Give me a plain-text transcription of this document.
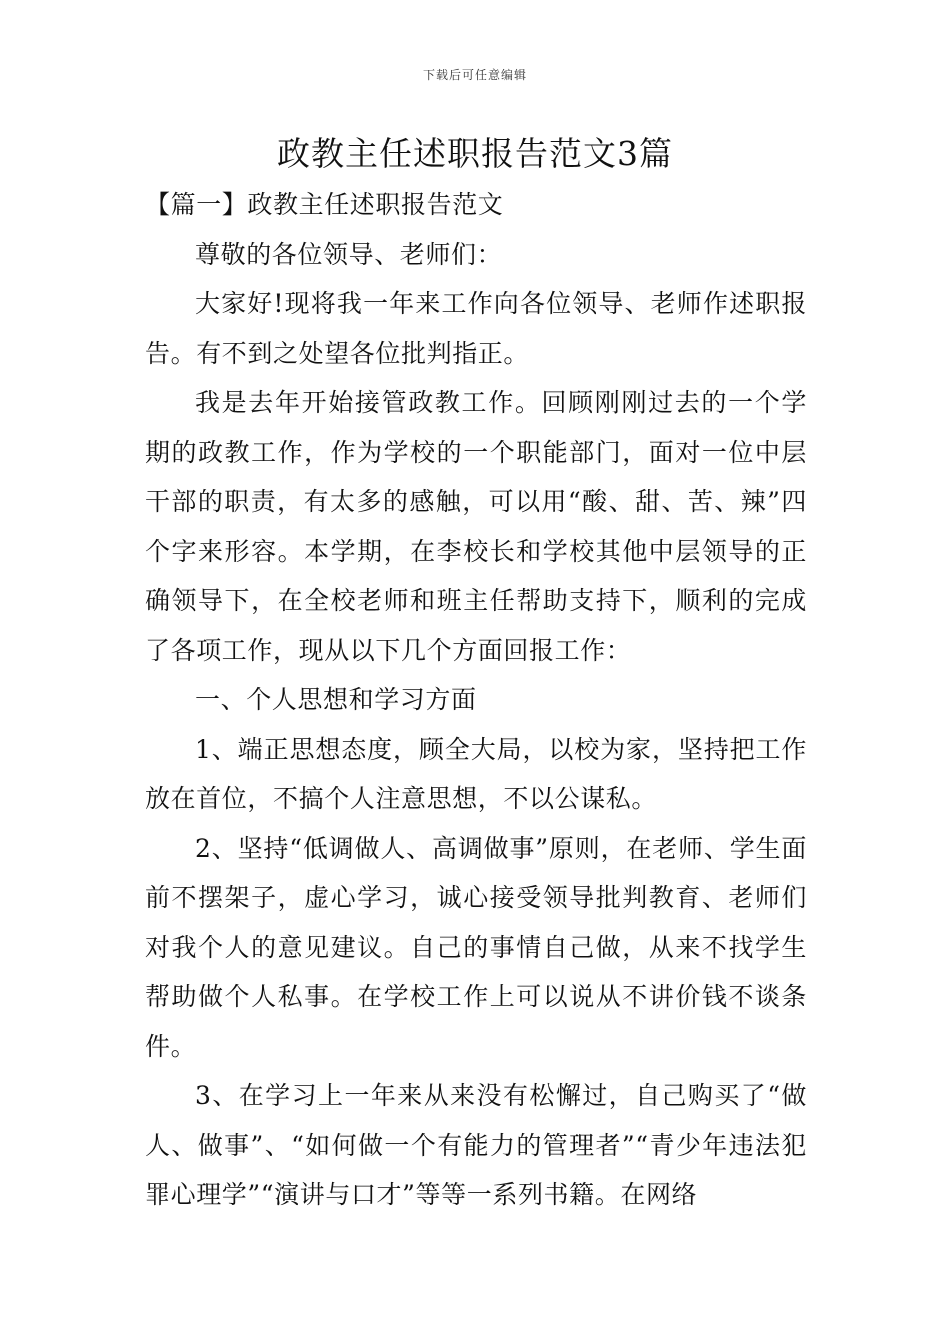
下载后可任意编辑
政教主任述职报告范文3篇

【篇一】政教主任述职报告范文

尊敬的各位领导、老师们：

大家好!现将我一年来工作向各位领导、老师作述职报告。有不到之处望各位批判指正。

我是去年开始接管政教工作。回顾刚刚过去的一个学期的政教工作，作为学校的一个职能部门，面对一位中层干部的职责，有太多的感触，可以用“酸、甜、苦、辣”四个字来形容。本学期，在李校长和学校其他中层领导的正确领导下，在全校老师和班主任帮助支持下，顺利的完成了各项工作，现从以下几个方面回报工作：

一、个人思想和学习方面

1、端正思想态度，顾全大局，以校为家，坚持把工作放在首位，不搞个人注意思想，不以公谋私。

2、坚持“低调做人、高调做事”原则，在老师、学生面前不摆架子，虚心学习，诚心接受领导批判教育、老师们对我个人的意见建议。自己的事情自己做，从来不找学生帮助做个人私事。在学校工作上可以说从不讲价钱不谈条件。

3、在学习上一年来从来没有松懈过，自己购买了“做人、做事”、“如何做一个有能力的管理者”“青少年违法犯罪心理学”“演讲与口才”等等一系列书籍。在网络
